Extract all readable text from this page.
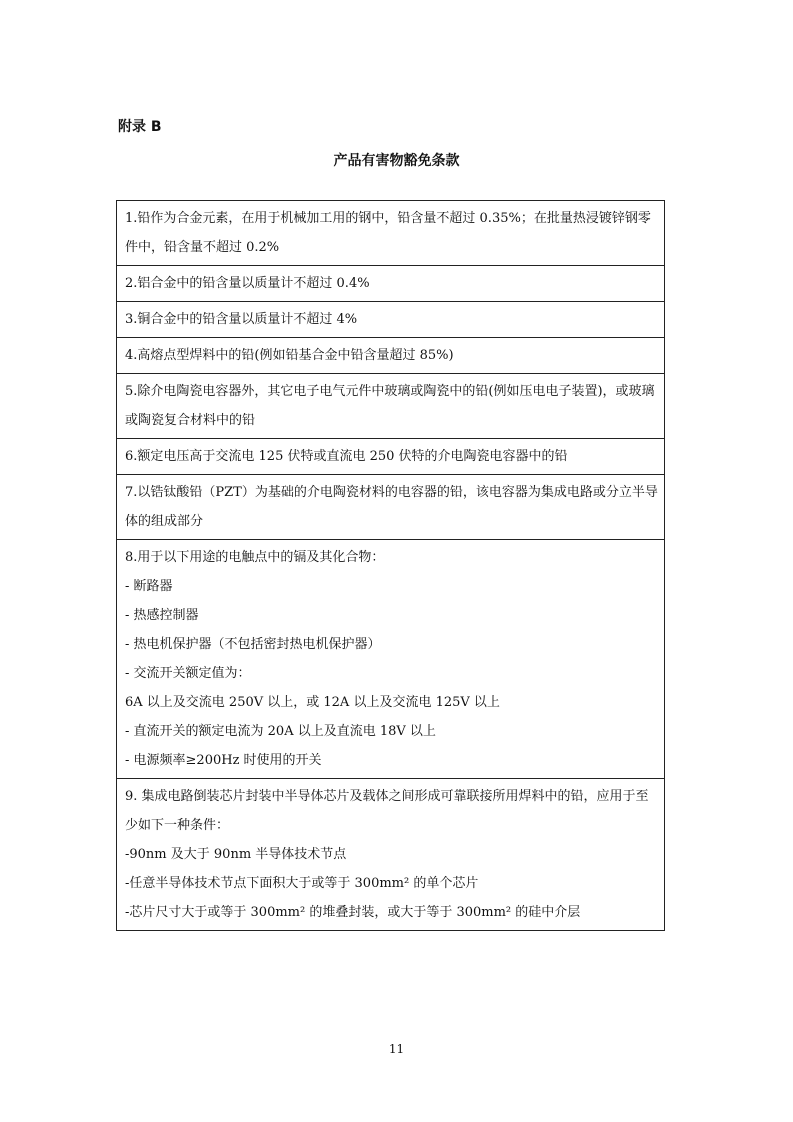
附录 B
产品有害物豁免条款
1.铅作为合金元素，在用于机械加工用的钢中，铅含量不超过 0.35%；在批量热浸镀锌钢零
件中，铅含量不超过 0.2%
2.铝合金中的铅含量以质量计不超过 0.4%
3.铜合金中的铅含量以质量计不超过 4%
4.高熔点型焊料中的铅(例如铅基合金中铅含量超过 85%)
5.除介电陶瓷电容器外，其它电子电气元件中玻璃或陶瓷中的铅(例如压电电子装置)，或玻璃
或陶瓷复合材料中的铅
6.额定电压高于交流电 125 伏特或直流电 250 伏特的介电陶瓷电容器中的铅
7.以锆钛酸铅（PZT）为基础的介电陶瓷材料的电容器的铅，该电容器为集成电路或分立半导
体的组成部分
8.用于以下用途的电触点中的镉及其化合物：
- 断路器
- 热感控制器
- 热电机保护器（不包括密封热电机保护器）
- 交流开关额定值为：
6A 以上及交流电 250V 以上，或 12A 以上及交流电 125V 以上
- 直流开关的额定电流为 20A 以上及直流电 18V 以上
- 电源频率≥200Hz 时使用的开关
9. 集成电路倒装芯片封装中半导体芯片及载体之间形成可靠联接所用焊料中的铅，应用于至
少如下一种条件：
-90nm 及大于 90nm 半导体技术节点
-任意半导体技术节点下面积大于或等于 300mm² 的单个芯片
-芯片尺寸大于或等于 300mm² 的堆叠封装，或大于等于 300mm² 的硅中介层
11
